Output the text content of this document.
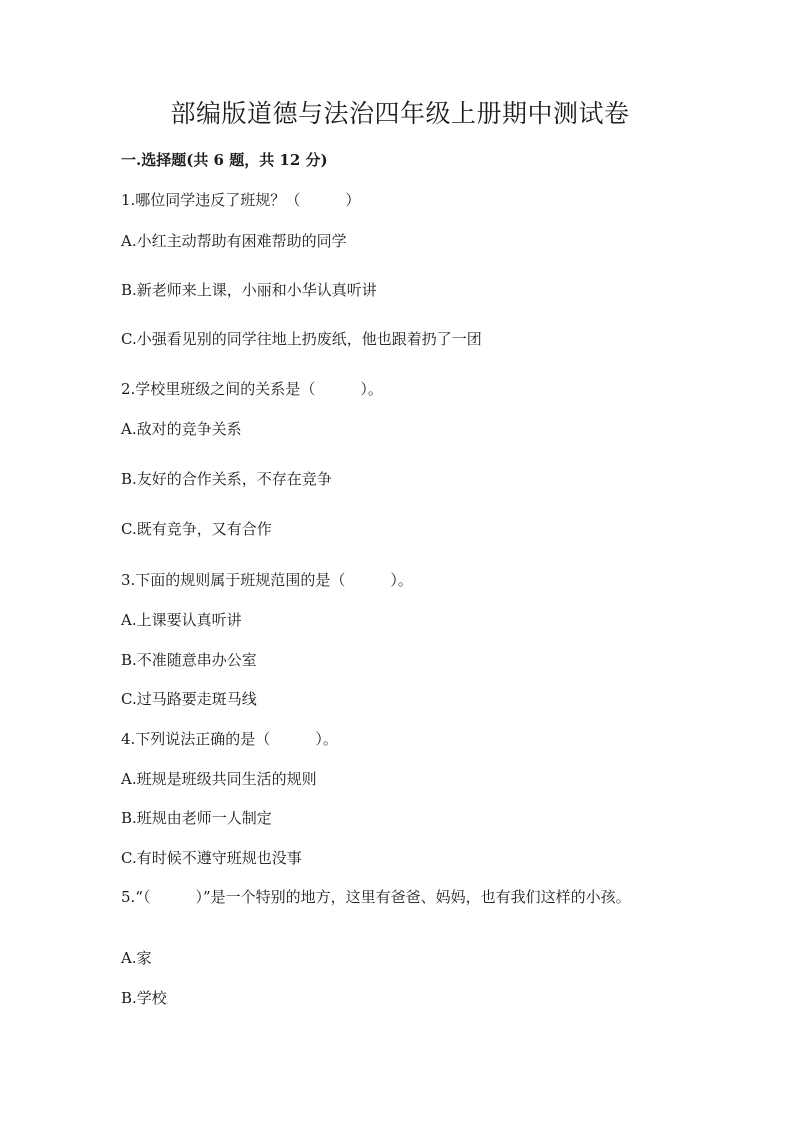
部编版道德与法治四年级上册期中测试卷
一.选择题(共 6 题，共 12 分)
1.哪位同学违反了班规？（　　　）
A.小红主动帮助有困难帮助的同学
B.新老师来上课，小丽和小华认真听讲
C.小强看见别的同学往地上扔废纸，他也跟着扔了一团
2.学校里班级之间的关系是（　　　）。
A.敌对的竞争关系
B.友好的合作关系，不存在竞争
C.既有竞争，又有合作
3.下面的规则属于班规范围的是（　　　）。
A.上课要认真听讲
B.不准随意串办公室
C.过马路要走斑马线
4.下列说法正确的是（　　　）。
A.班规是班级共同生活的规则
B.班规由老师一人制定
C.有时候不遵守班规也没事
5.“（　　　）”是一个特别的地方，这里有爸爸、妈妈，也有我们这样的小孩。
A.家
B.学校
